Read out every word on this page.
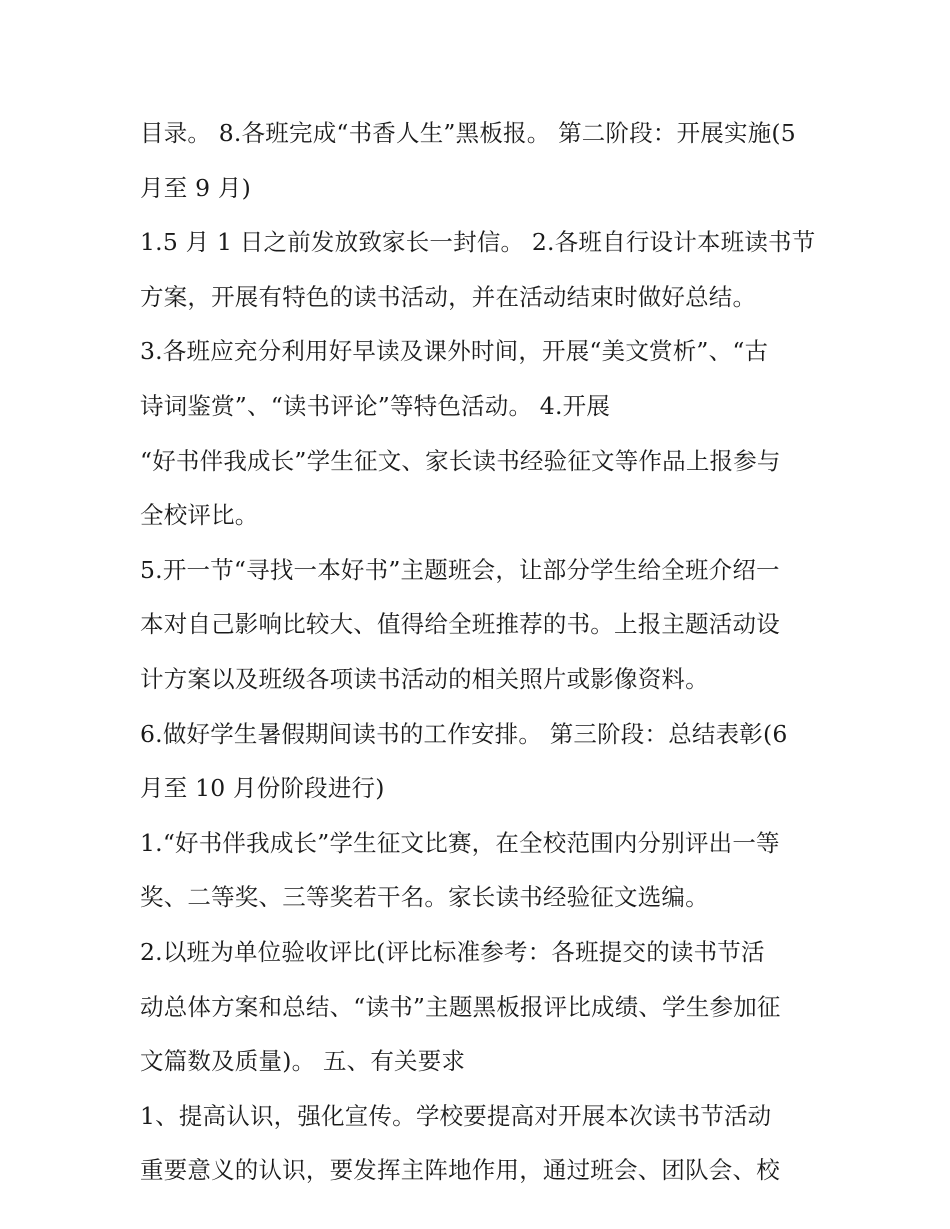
目录。 8.各班完成“书香人生”黑板报。 第二阶段：开展实施(5
月至 9 月)
1.5 月 1 日之前发放致家长一封信。 2.各班自行设计本班读书节
方案，开展有特色的读书活动，并在活动结束时做好总结。
3.各班应充分利用好早读及课外时间，开展“美文赏析”、“古
诗词鉴赏”、“读书评论”等特色活动。 4.开展
“好书伴我成长”学生征文、家长读书经验征文等作品上报参与
全校评比。
5.开一节“寻找一本好书”主题班会，让部分学生给全班介绍一
本对自己影响比较大、值得给全班推荐的书。上报主题活动设
计方案以及班级各项读书活动的相关照片或影像资料。
6.做好学生暑假期间读书的工作安排。 第三阶段：总结表彰(6
月至 10 月份阶段进行)
1.“好书伴我成长”学生征文比赛，在全校范围内分别评出一等
奖、二等奖、三等奖若干名。家长读书经验征文选编。
2.以班为单位验收评比(评比标准参考：各班提交的读书节活
动总体方案和总结、“读书”主题黑板报评比成绩、学生参加征
文篇数及质量)。 五、有关要求
1、提高认识，强化宣传。学校要提高对开展本次读书节活动
重要意义的认识，要发挥主阵地作用，通过班会、团队会、校
